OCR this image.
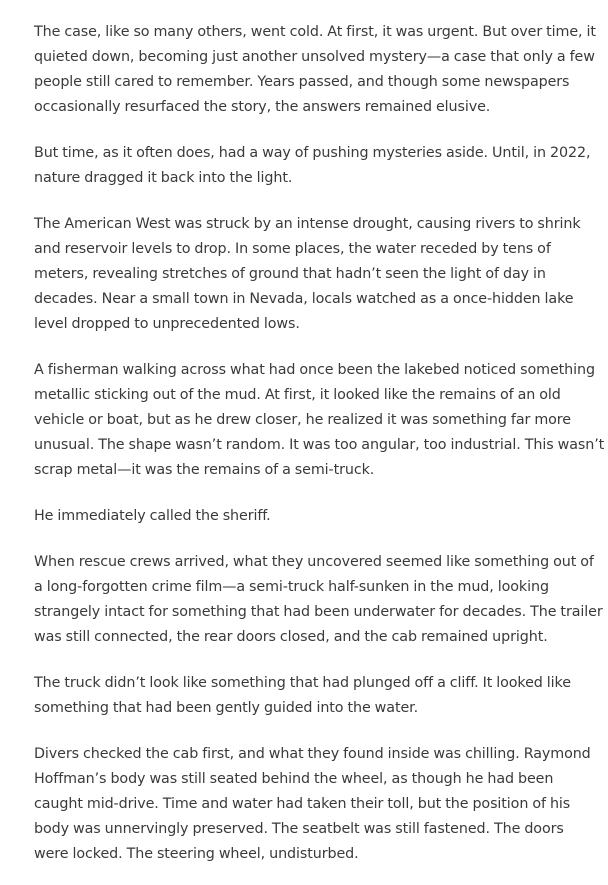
The case, like so many others, went cold. At first, it was urgent. But over time, it
quieted down, becoming just another unsolved mystery—a case that only a few
people still cared to remember. Years passed, and though some newspapers
occasionally resurfaced the story, the answers remained elusive.

But time, as it often does, had a way of pushing mysteries aside. Until, in 2022,
nature dragged it back into the light.

The American West was struck by an intense drought, causing rivers to shrink
and reservoir levels to drop. In some places, the water receded by tens of
meters, revealing stretches of ground that hadn’t seen the light of day in
decades. Near a small town in Nevada, locals watched as a once-hidden lake
level dropped to unprecedented lows.

A fisherman walking across what had once been the lakebed noticed something
metallic sticking out of the mud. At first, it looked like the remains of an old
vehicle or boat, but as he drew closer, he realized it was something far more
unusual. The shape wasn’t random. It was too angular, too industrial. This wasn’t
scrap metal—it was the remains of a semi-truck.

He immediately called the sheriff.

When rescue crews arrived, what they uncovered seemed like something out of
a long-forgotten crime film—a semi-truck half-sunken in the mud, looking
strangely intact for something that had been underwater for decades. The trailer
was still connected, the rear doors closed, and the cab remained upright.

The truck didn’t look like something that had plunged off a cliff. It looked like
something that had been gently guided into the water.

Divers checked the cab first, and what they found inside was chilling. Raymond
Hoffman’s body was still seated behind the wheel, as though he had been
caught mid-drive. Time and water had taken their toll, but the position of his
body was unnervingly preserved. The seatbelt was still fastened. The doors
were locked. The steering wheel, undisturbed.
